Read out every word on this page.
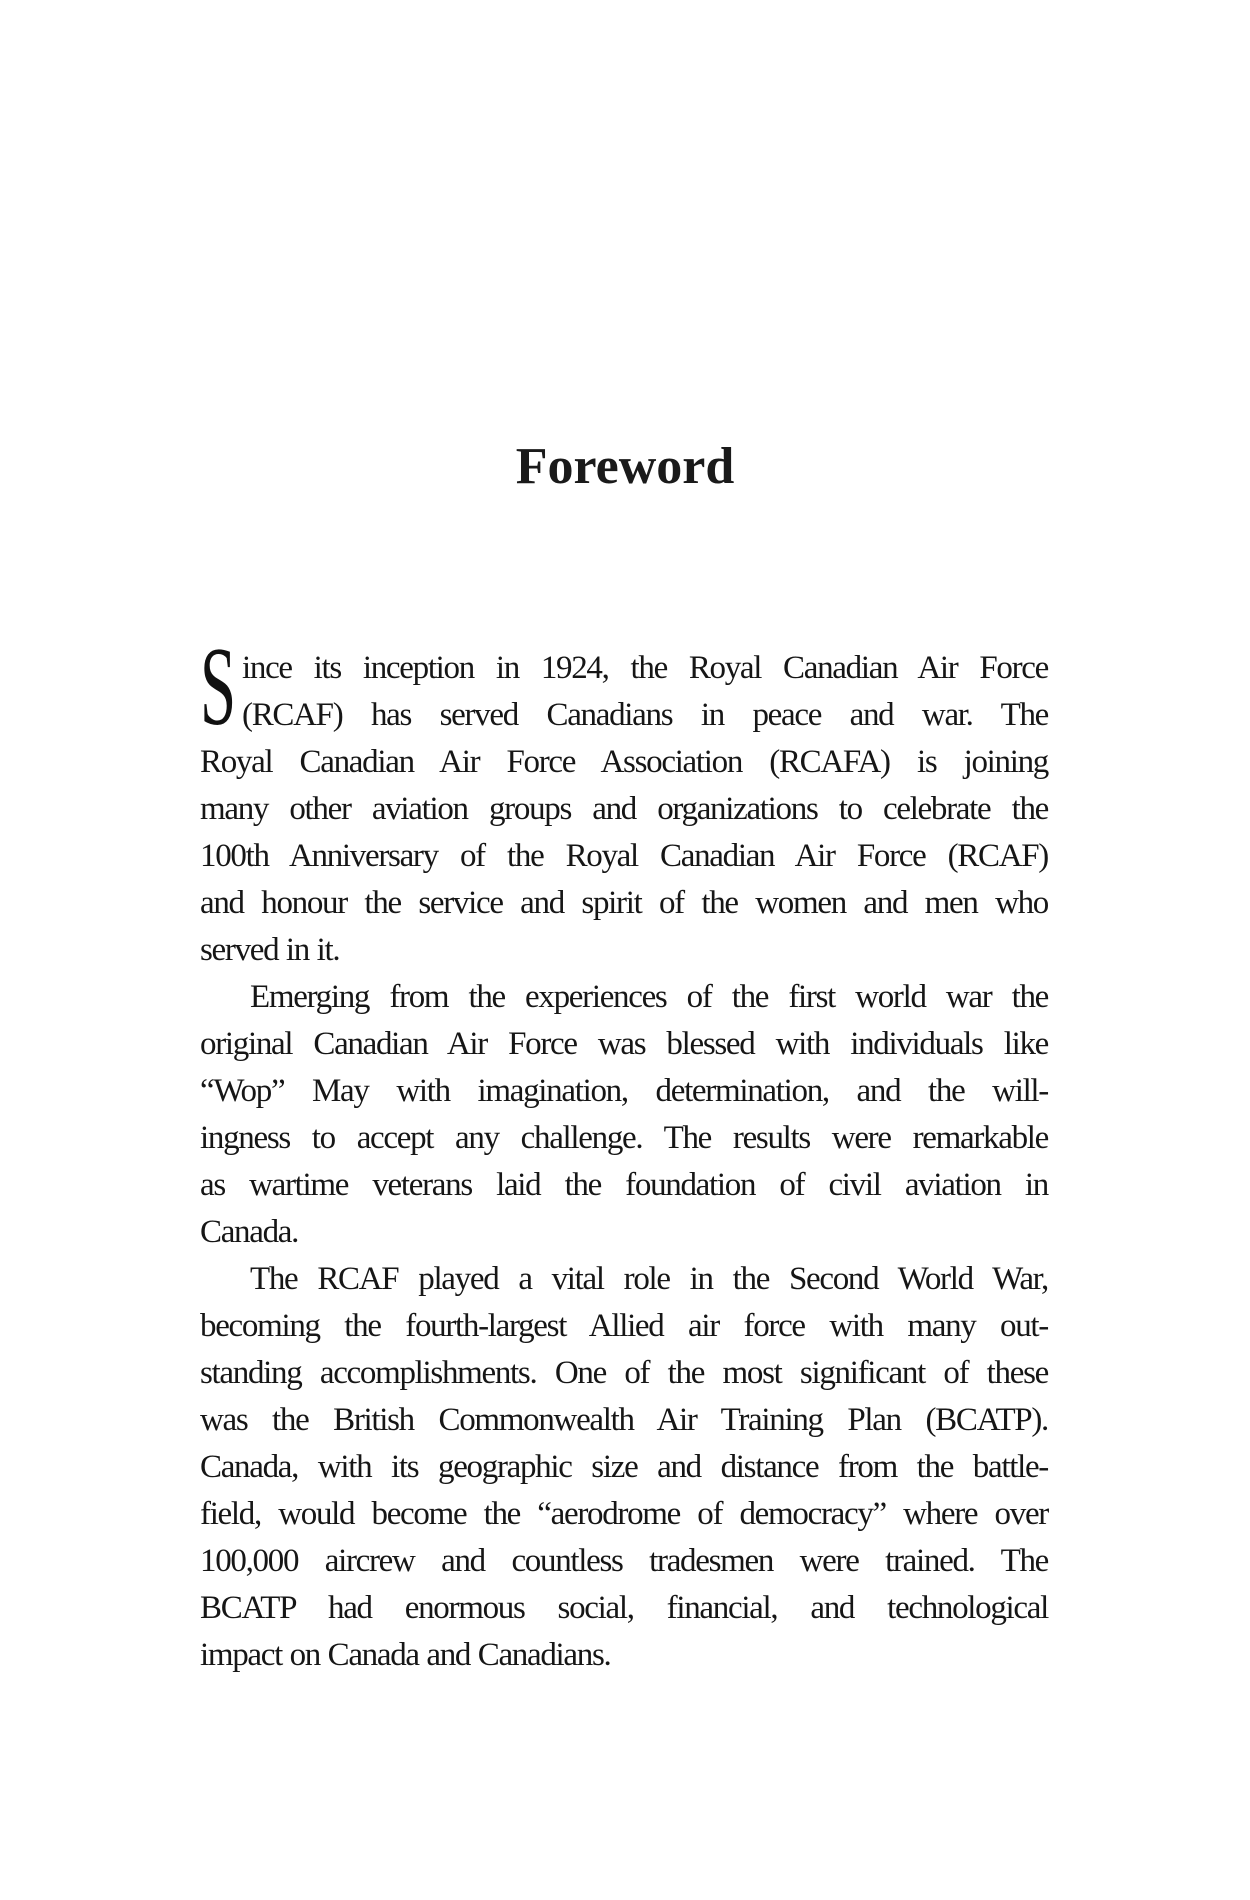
Foreword
S ince its inception in 1924, the Royal Canadian Air Force
(RCAF) has served Canadians in peace and war. The
Royal Canadian Air Force Association (RCAFA) is joining
many other aviation groups and organizations to celebrate the
100th Anniversary of the Royal Canadian Air Force (RCAF)
and honour the service and spirit of the women and men who
served in it.
Emerging from the experiences of the first world war the
original Canadian Air Force was blessed with individuals like
“Wop” May with imagination, determination, and the will-
ingness to accept any challenge. The results were remarkable
as wartime veterans laid the foundation of civil aviation in
Canada.
The RCAF played a vital role in the Second World War,
becoming the fourth-largest Allied air force with many out-
standing accomplishments. One of the most significant of these
was the British Commonwealth Air Training Plan (BCATP).
Canada, with its geographic size and distance from the battle-
field, would become the “aerodrome of democracy” where over
100,000 aircrew and countless tradesmen were trained. The
BCATP had enormous social, financial, and technological
impact on Canada and Canadians.
